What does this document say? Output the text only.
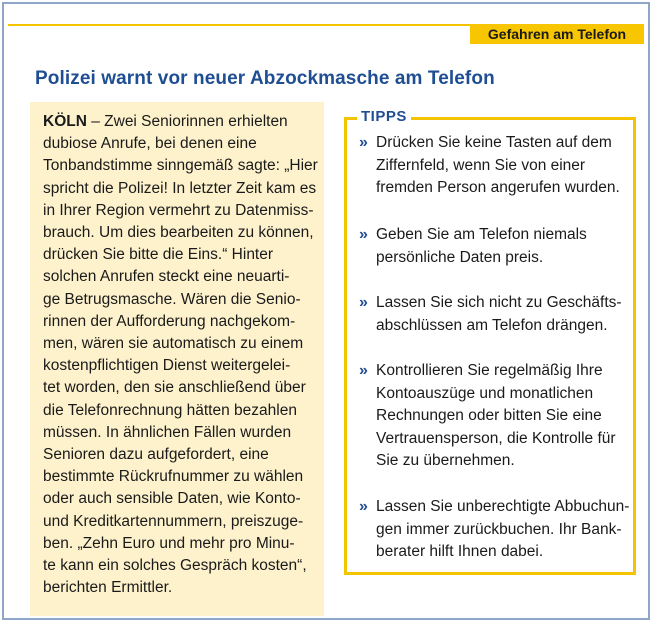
Gefahren am Telefon
Polizei warnt vor neuer Abzockmasche am Telefon
KÖLN – Zwei Seniorinnen erhielten
dubiose Anrufe, bei denen eine
Tonbandstimme sinngemäß sagte: „Hier
spricht die Polizei! In letzter Zeit kam es
in Ihrer Region vermehrt zu Datenmiss-
brauch. Um dies bearbeiten zu können,
drücken Sie bitte die Eins.“ Hinter
solchen Anrufen steckt eine neuarti-
ge Betrugsmasche. Wären die Senio-
rinnen der Aufforderung nachgekom-
men, wären sie automatisch zu einem
kostenpflichtigen Dienst weitergelei-
tet worden, den sie anschließend über
die Telefonrechnung hätten bezahlen
müssen. In ähnlichen Fällen wurden
Senioren dazu aufgefordert, eine
bestimmte Rückrufnummer zu wählen
oder auch sensible Daten, wie Konto-
und Kreditkartennummern, preiszuge-
ben. „Zehn Euro und mehr pro Minu-
te kann ein solches Gespräch kosten“,
berichten Ermittler.
TIPPS
» Drücken Sie keine Tasten auf dem
Ziffernfeld, wenn Sie von einer
fremden Person angerufen wurden.
» Geben Sie am Telefon niemals
persönliche Daten preis.
» Lassen Sie sich nicht zu Geschäfts-
abschlüssen am Telefon drängen.
» Kontrollieren Sie regelmäßig Ihre
Kontoauszüge und monatlichen
Rechnungen oder bitten Sie eine
Vertrauensperson, die Kontrolle für
Sie zu übernehmen.
» Lassen Sie unberechtigte Abbuchun-
gen immer zurückbuchen. Ihr Bank-
berater hilft Ihnen dabei.
